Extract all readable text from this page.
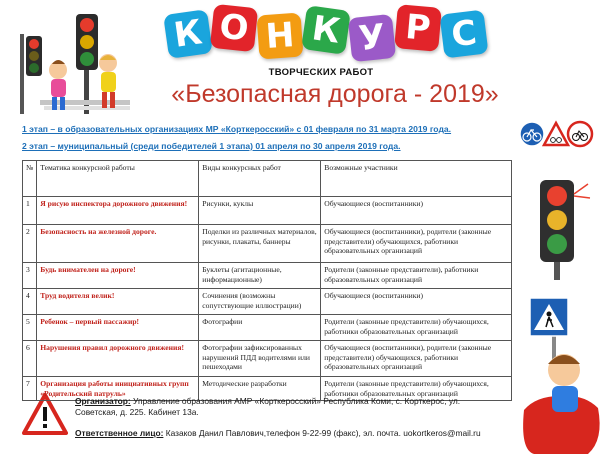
К О Н К У Р С
ТВОРЧЕСКИХ РАБОТ
«Безопасная дорога - 2019»
1 этап – в образовательных организациях МР «Корткеросский» с 01 февраля по 31 марта 2019 года.
2 этап – муниципальный (среди победителей 1 этапа) 01 апреля по 30 апреля 2019 года.
№	Тематика конкурсной работы	Виды конкурсных работ	Возможные участники
1	Я рисую инспектора дорожного движения!	Рисунки, куклы	Обучающиеся (воспитанники)
2	Безопасность на железной дороге.	Поделки из различных материалов, рисунки, плакаты, баннеры	Обучающиеся (воспитанники), родители (законные представители) обучающихся, работники образовательных организаций
3	Будь внимателен на дороге!	Буклеты (агитационные, информационные)	Родители (законные представители), работники образовательных организаций
4	Труд водителя велик!	Сочинения (возможны сопутствующие иллюстрации)	Обучающиеся (воспитанники)
5	Ребенок – первый пассажир!	Фотографии	Родители (законные представители) обучающихся, работники образовательных организаций
6	Нарушения правил дорожного движения!	Фотографии зафиксированных нарушений ПДД водителями или пешеходами	Обучающиеся (воспитанники), родители (законные представители) обучающихся, работники образовательных организаций
7	Организация работы инициативных групп «Родительский патруль»	Методические разработки	Родители (законные представители) обучающихся, работники образовательных организаций
Организатор: Управление образования АМР «Корткеросский» Республика Коми, с. Корткерос, ул. Советская, д. 225. Кабинет 13а.
Ответственное лицо: Казаков Данил Павлович,телефон 9-22-99 (факс), эл. почта. uokortkeros@mail.ru
